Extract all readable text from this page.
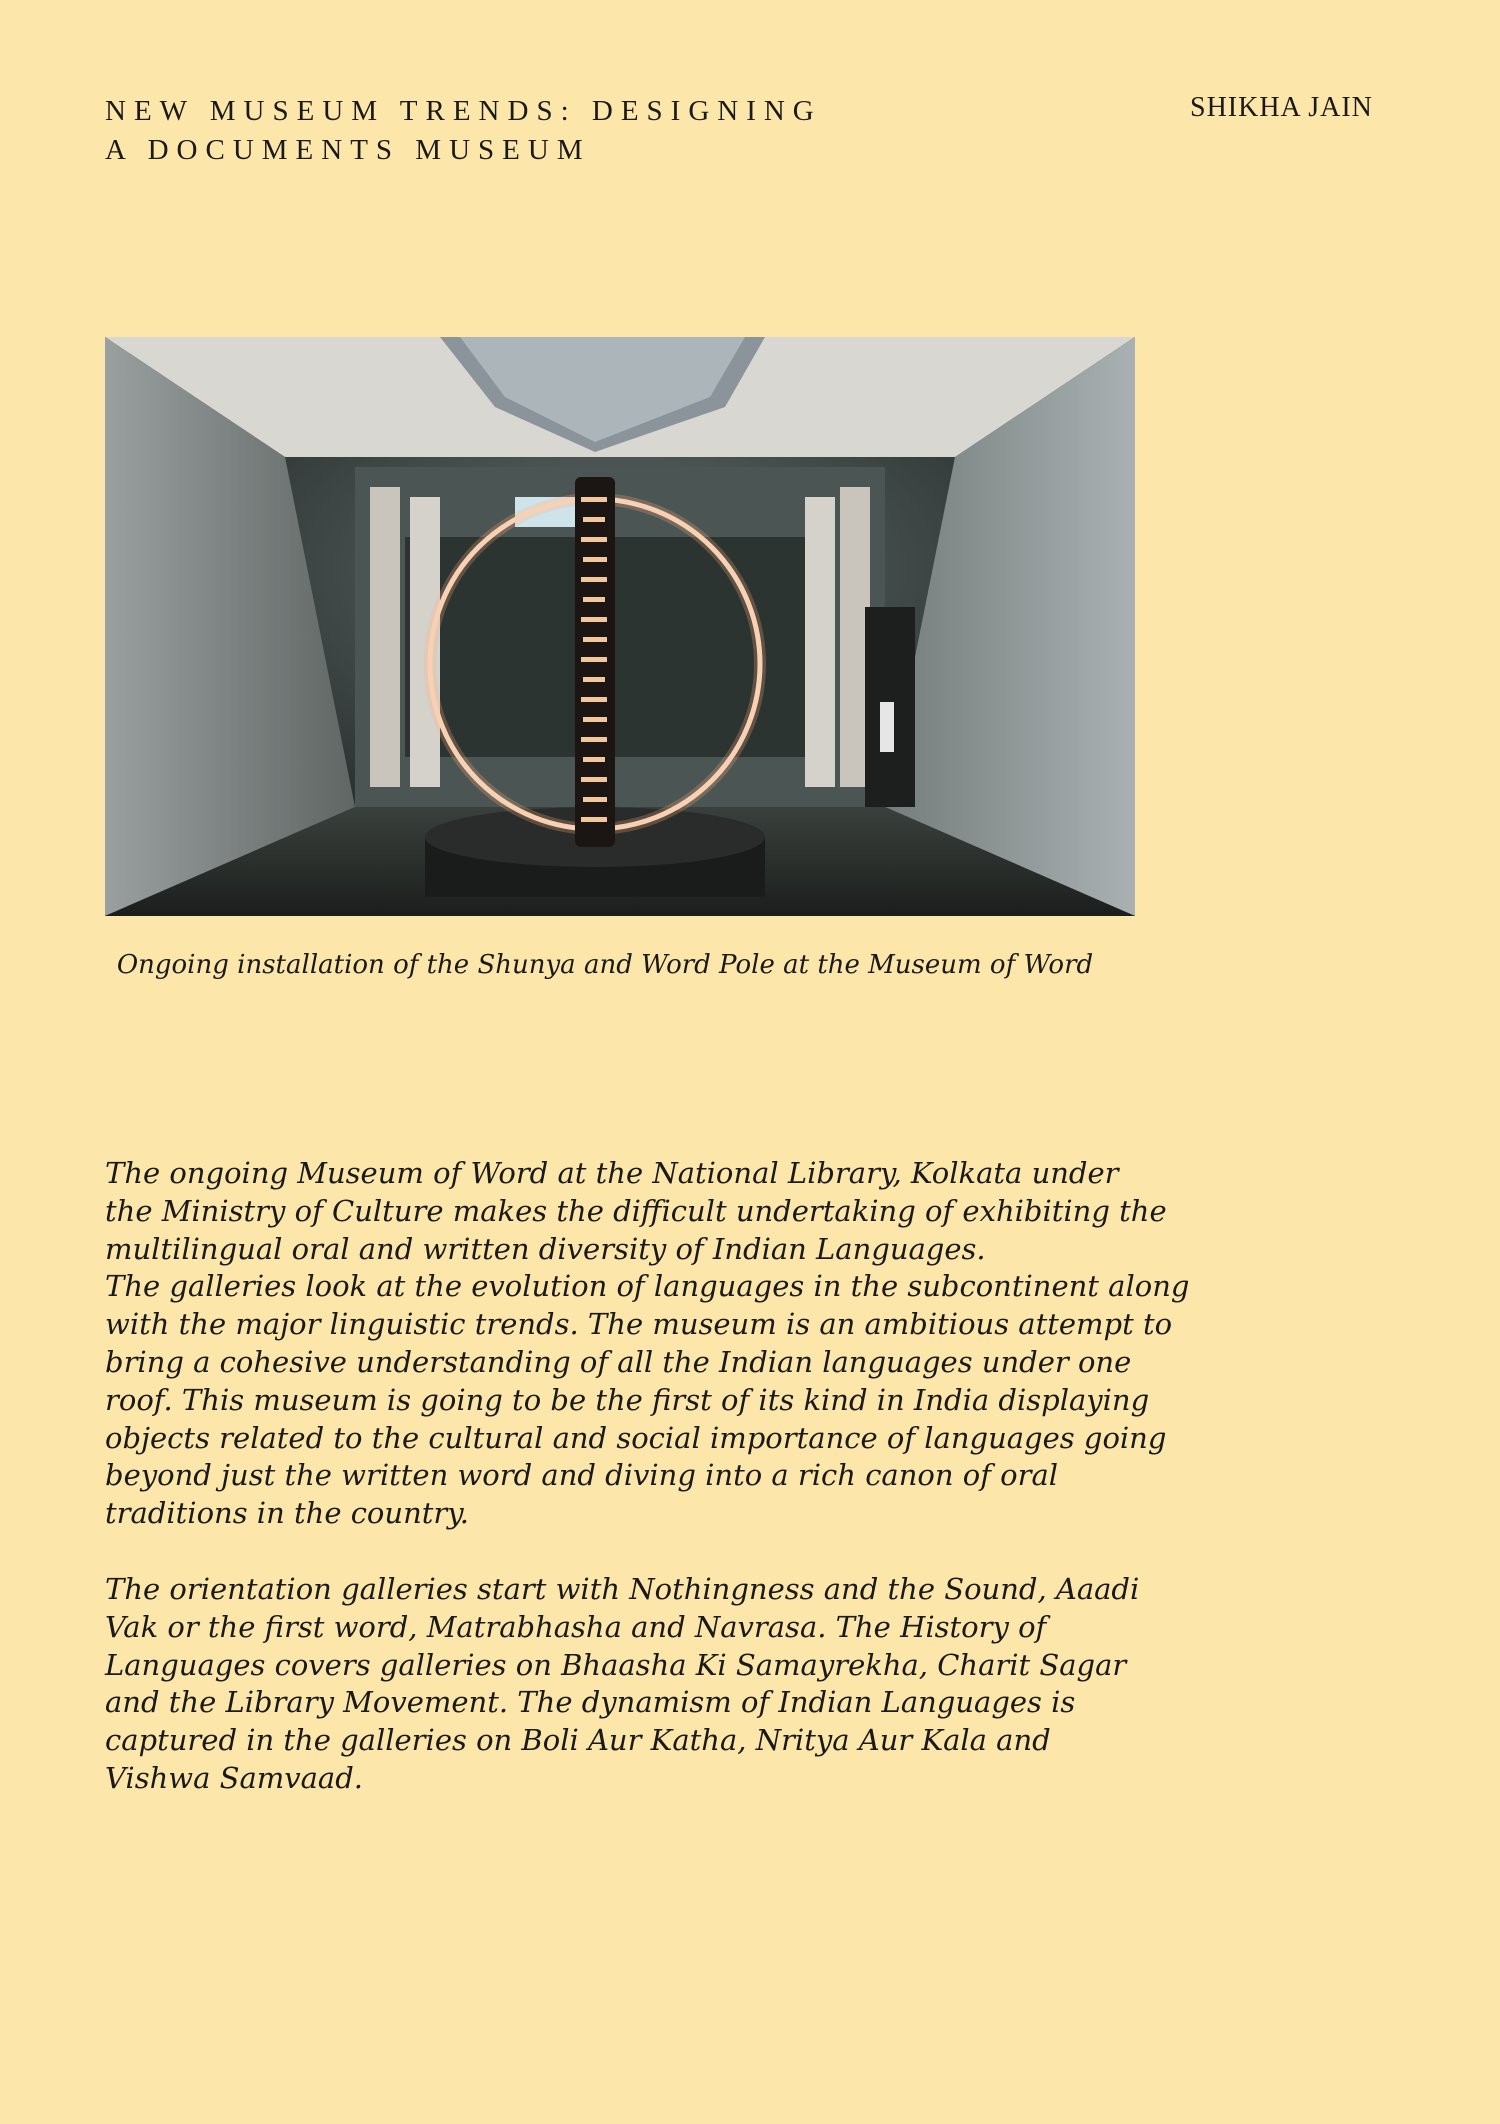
NEW MUSEUM TRENDS: DESIGNING
A DOCUMENTS MUSEUM
SHIKHA JAIN
Ongoing installation of the Shunya and Word Pole at the Museum of Word

The ongoing Museum of Word at the National Library, Kolkata under
the Ministry of Culture makes the difficult undertaking of exhibiting the
multilingual oral and written diversity of Indian Languages.
The galleries look at the evolution of languages in the subcontinent along
with the major linguistic trends. The museum is an ambitious attempt to
bring a cohesive understanding of all the Indian languages under one
roof. This museum is going to be the first of its kind in India displaying
objects related to the cultural and social importance of languages going
beyond just the written word and diving into a rich canon of oral
traditions in the country.

The orientation galleries start with Nothingness and the Sound, Aaadi
Vak or the first word, Matrabhasha and Navrasa. The History of
Languages covers galleries on Bhaasha Ki Samayrekha, Charit Sagar
and the Library Movement. The dynamism of Indian Languages is
captured in the galleries on Boli Aur Katha, Nritya Aur Kala and
Vishwa Samvaad.
